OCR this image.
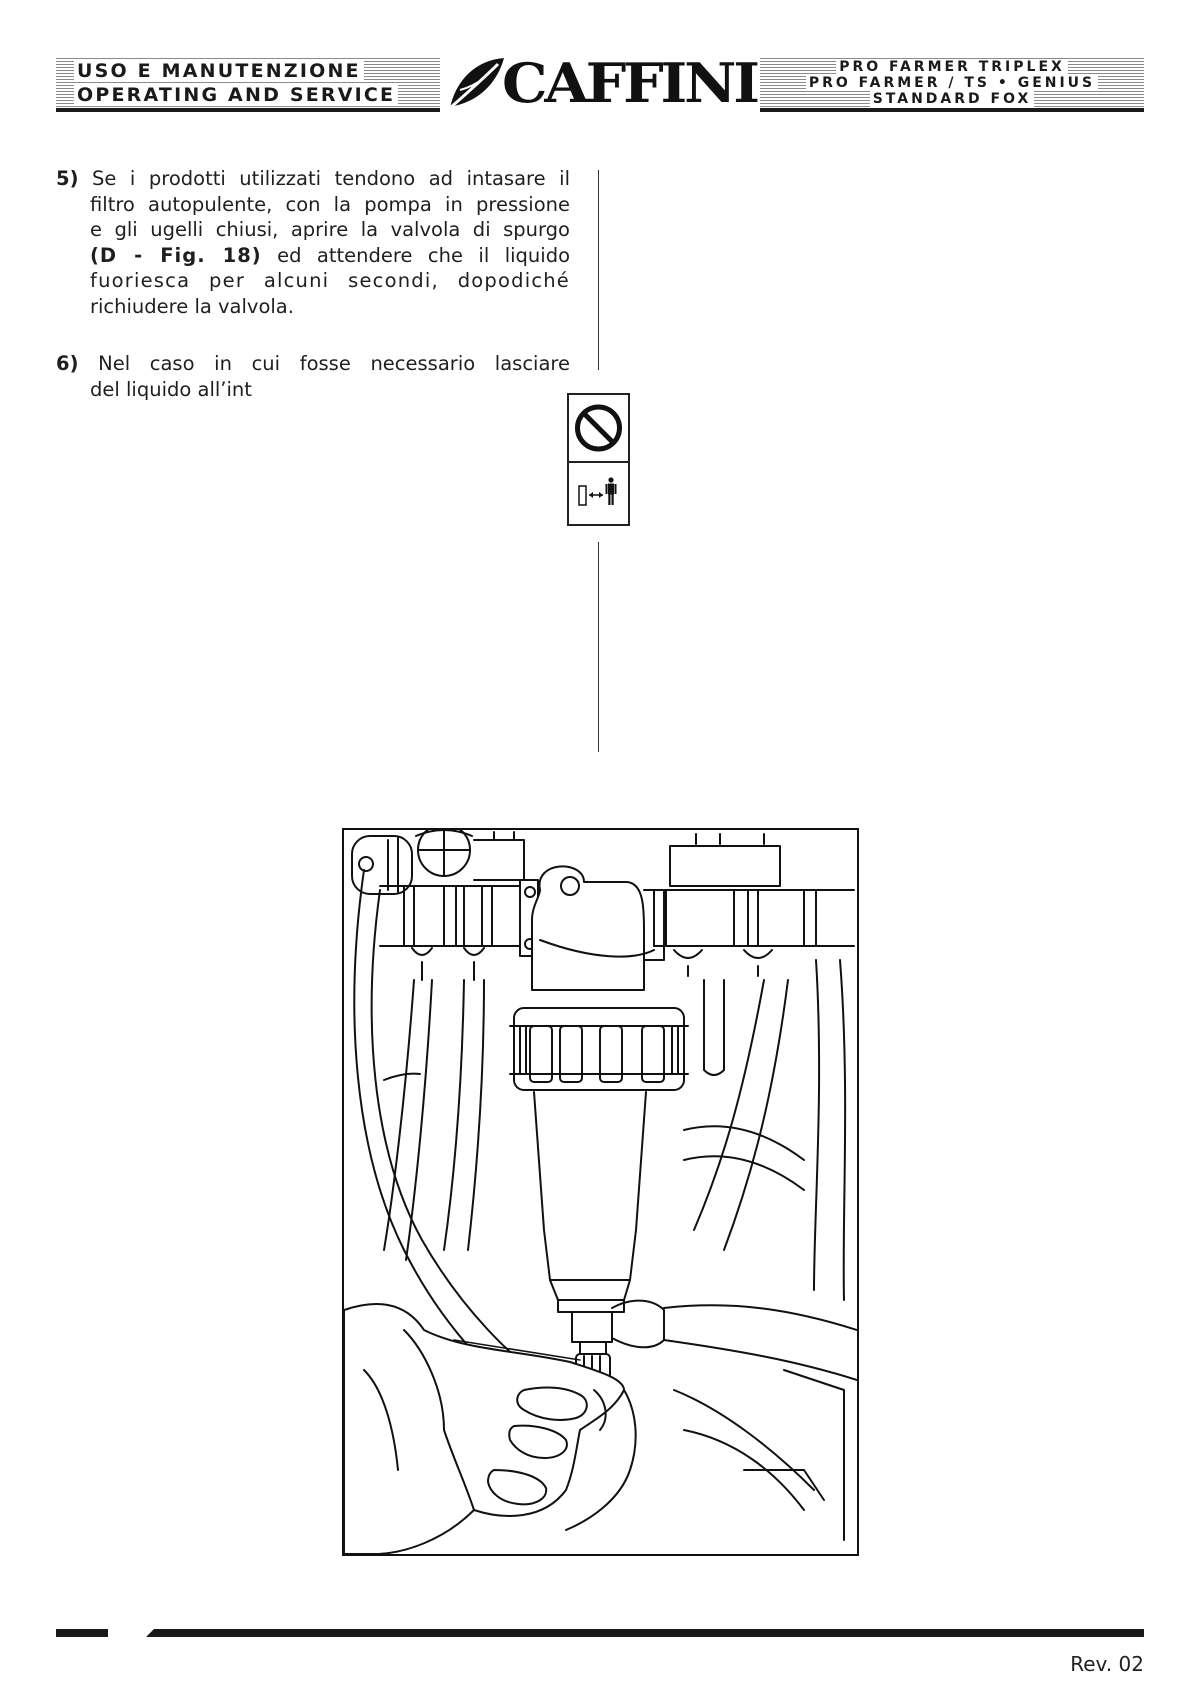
USO E MANUTENZIONE
OPERATING AND SERVICE CAFFINI	PRO FARMER TRIPLEX
PRO FARMER / TS • GENIUS
STANDARD FOX
5) Se i prodotti utilizzati tendono ad intasare il
filtro autopulente, con la pompa in pressione
e gli ugelli chiusi, aprire la valvola di spurgo
(D - Fig. 18) ed attendere che il liquido
fuoriesca per alcuni secondi, dopodiché
richiudere la valvola.
6) Nel caso in cui fosse necessario lasciare
del liquido all’int
Rev. 02
